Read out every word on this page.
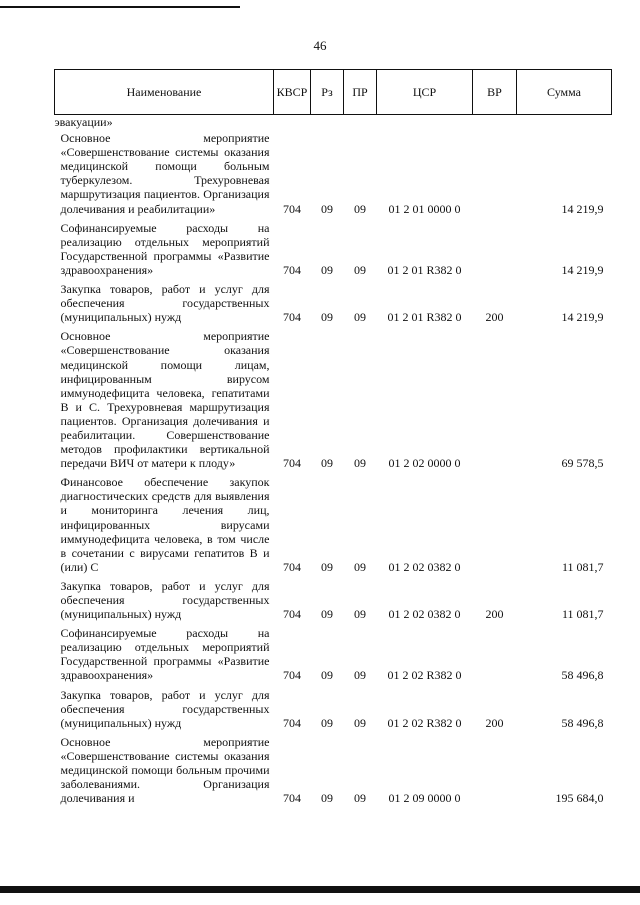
46
Наименование	КВСР	Рз	ПР	ЦСР	ВР	Сумма
эвакуации»						
Основное мероприятие «Совершенствование системы оказания медицинской помощи больным туберкулезом. Трехуровневая маршрутизация пациентов. Организация долечивания и реабилитации»	704	09	09	01 2 01 0000 0		14 219,9
Софинансируемые расходы на реализацию отдельных мероприятий Государственной программы «Развитие здравоохранения»	704	09	09	01 2 01 R382 0		14 219,9
Закупка товаров, работ и услуг для обеспечения государственных (муниципальных) нужд	704	09	09	01 2 01 R382 0	200	14 219,9
Основное мероприятие «Совершенствование оказания медицинской помощи лицам, инфицированным вирусом иммунодефицита человека, гепатитами В и С. Трехуровневая маршрутизация пациентов. Организация долечивания и реабилитации. Совершенствование методов профилактики вертикальной передачи ВИЧ от матери к плоду»	704	09	09	01 2 02 0000 0		69 578,5
Финансовое обеспечение закупок диагностических средств для выявления и мониторинга лечения лиц, инфицированных вирусами иммунодефицита человека, в том числе в сочетании с вирусами гепатитов В и (или) С	704	09	09	01 2 02 0382 0		11 081,7
Закупка товаров, работ и услуг для обеспечения государственных (муниципальных) нужд	704	09	09	01 2 02 0382 0	200	11 081,7
Софинансируемые расходы на реализацию отдельных мероприятий Государственной программы «Развитие здравоохранения»	704	09	09	01 2 02 R382 0		58 496,8
Закупка товаров, работ и услуг для обеспечения государственных (муниципальных) нужд	704	09	09	01 2 02 R382 0	200	58 496,8
Основное мероприятие «Совершенствование системы оказания медицинской помощи больным прочими заболеваниями. Организация долечивания и	704	09	09	01 2 09 0000 0		195 684,0
